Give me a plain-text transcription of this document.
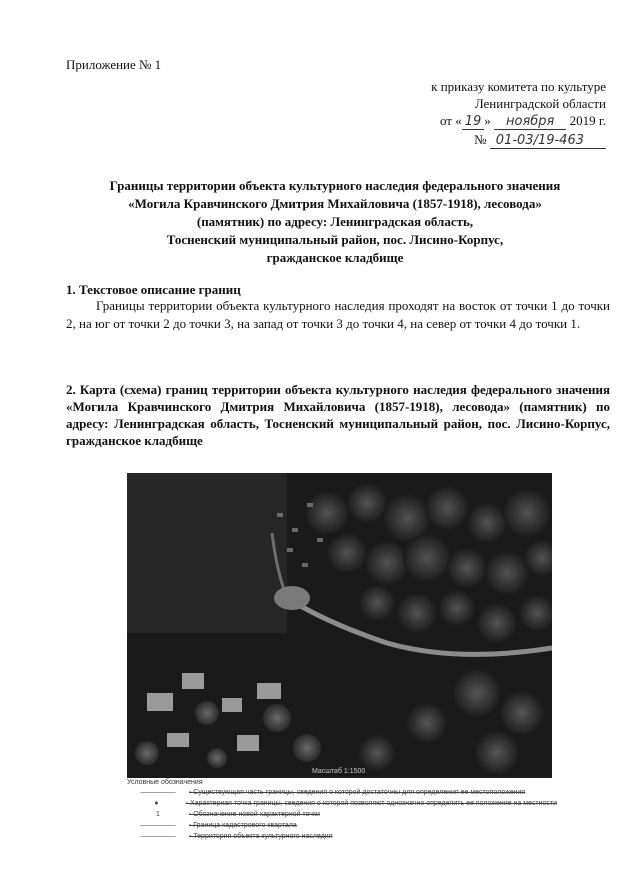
Приложение № 1
к приказу комитета по культуре
Ленинградской области
от « 19 » ноября 2019 г.
№ 01-03/19-463
Границы территории объекта культурного наследия федерального значения
«Могила Кравчинского Дмитрия Михайловича (1857-1918), лесовода»
(памятник) по адресу: Ленинградская область,
Тосненский муниципальный район, пос. Лисино-Корпус,
гражданское кладбище
1. Текстовое описание границ
Границы территории объекта культурного наследия проходят на восток от точки 1 до точки 2, на юг от точки 2 до точки 3, на запад от точки 3 до точки 4, на север от точки 4 до точки 1.
2. Карта (схема) границ территории объекта культурного наследия федерального значения «Могила Кравчинского Дмитрия Михайловича (1857-1918), лесовода» (памятник) по адресу: Ленинградская область, Тосненский муниципальный район, пос. Лисино-Корпус, гражданское кладбище
Масштаб 1:1500
Условные обозначения
—————	- Существующая часть границы, сведения о которой достаточны для определения ее местоположения
●	- Характерная точка границы, сведения о которой позволяют однозначно определить ее положение на местности
1	- Обозначение новой характерной точки
—————	- Граница кадастрового квартала
—————	- Территория объекта культурного наследия
